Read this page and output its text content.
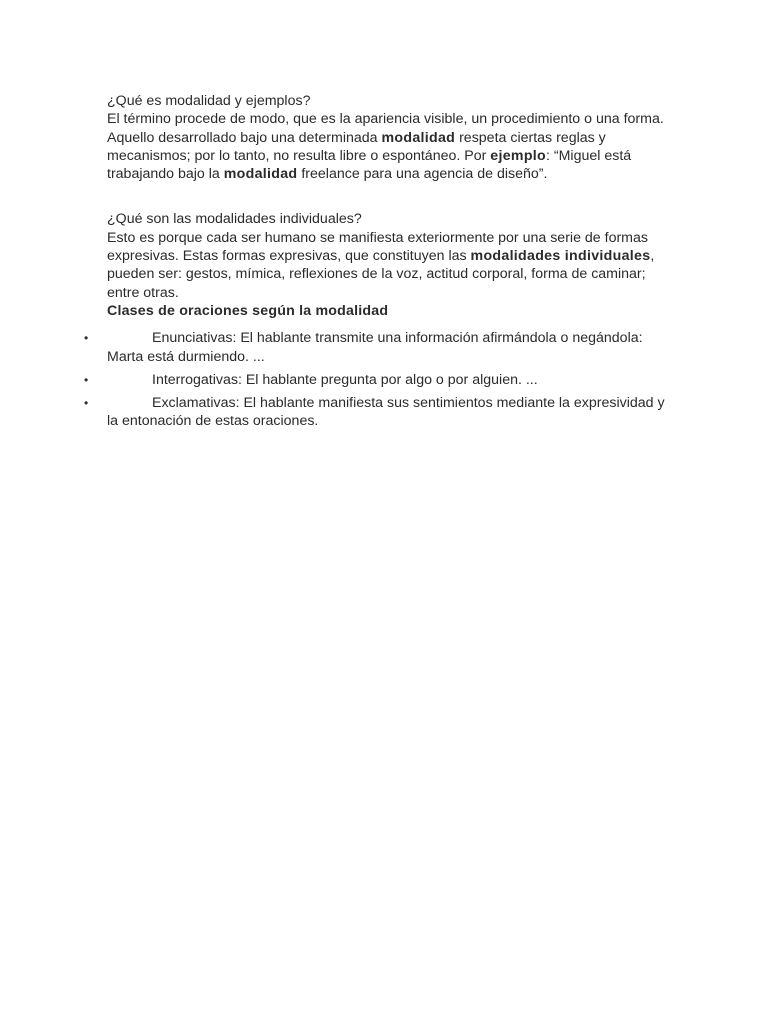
¿Qué es modalidad y ejemplos?

El término procede de modo, que es la apariencia visible, un procedimiento o una forma. Aquello desarrollado bajo una determinada modalidad respeta ciertas reglas y mecanismos; por lo tanto, no resulta libre o espontáneo. Por ejemplo: “Miguel está trabajando bajo la modalidad freelance para una agencia de diseño”.

¿Qué son las modalidades individuales?

Esto es porque cada ser humano se manifiesta exteriormente por una serie de formas expresivas. Estas formas expresivas, que constituyen las modalidades individuales, pueden ser: gestos, mímica, reflexiones de la voz, actitud corporal, forma de caminar; entre otras.

Clases de oraciones según la modalidad

•	Enunciativas: El hablante transmite una información afirmándola o negándola: Marta está durmiendo. ...
•	Interrogativas: El hablante pregunta por algo o por alguien. ...
•	Exclamativas: El hablante manifiesta sus sentimientos mediante la expresividad y la entonación de estas oraciones.
